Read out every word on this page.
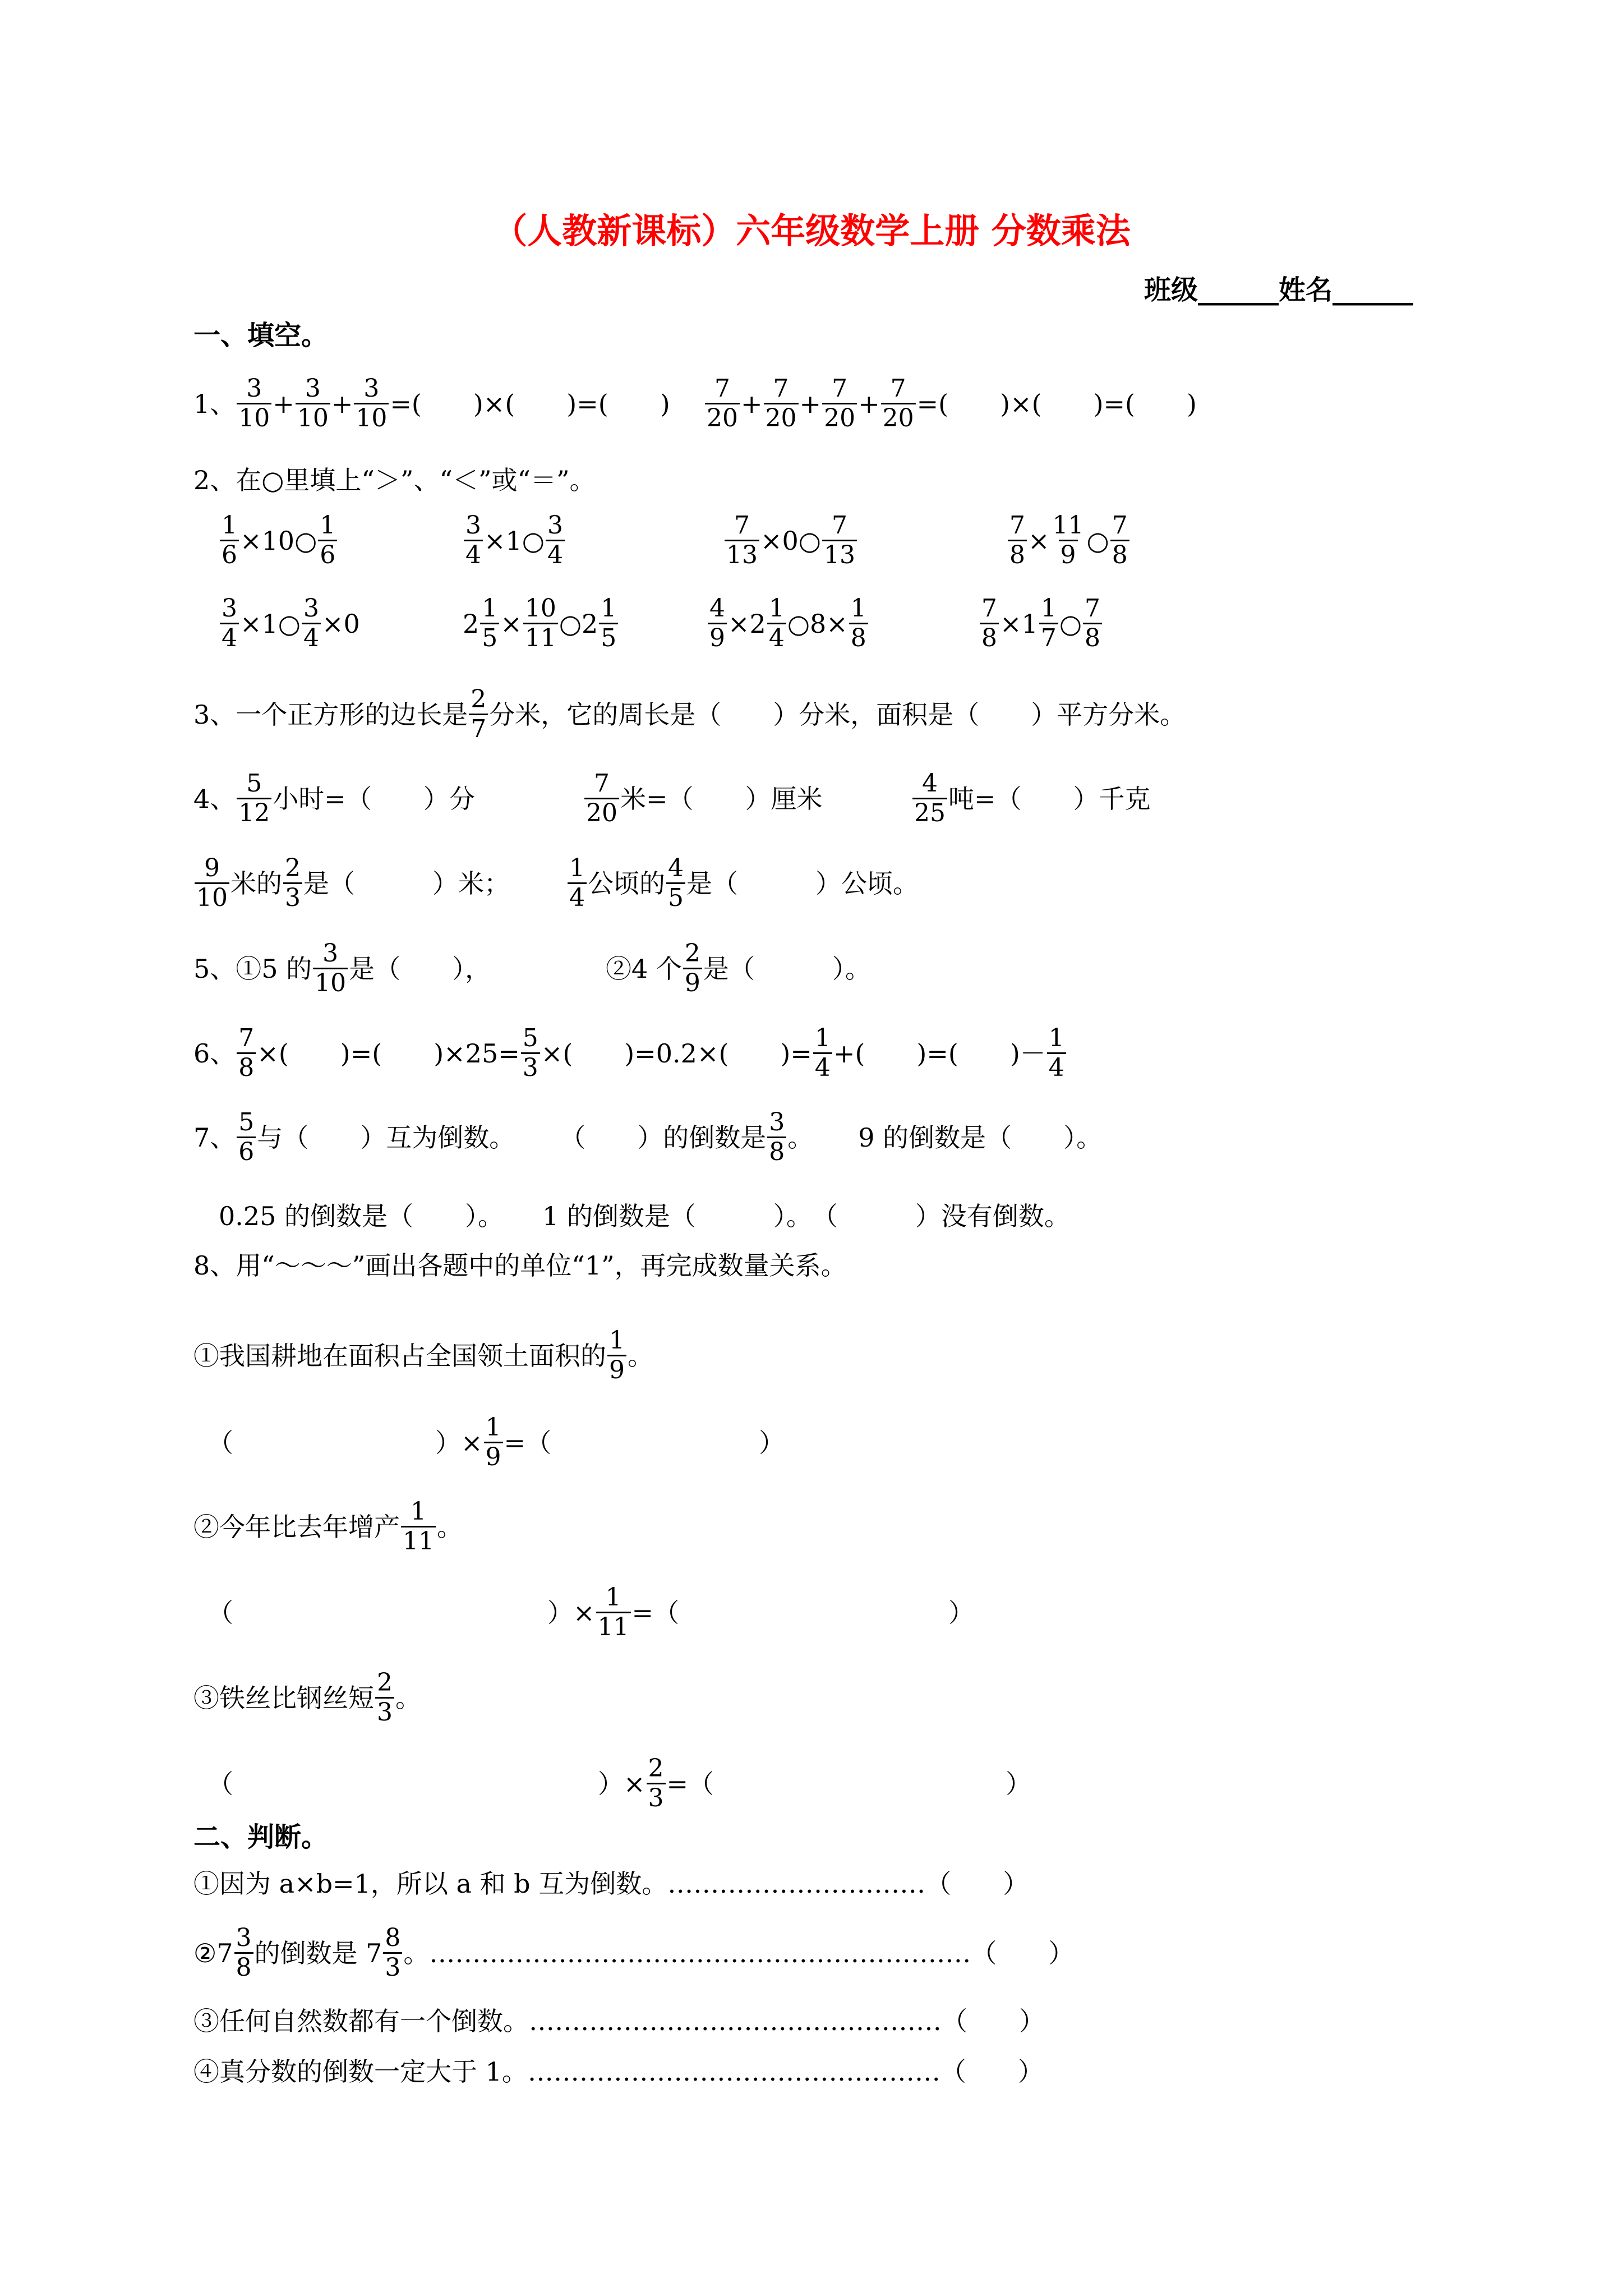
（人教新课标）六年级数学上册 分数乘法
班级______姓名______
一、填空。
1、 $\frac{3}{10} + \frac{3}{10} + \frac{3}{10}$ =(　　)×(　　)=(　　) $\frac{7}{20} + \frac{7}{20} + \frac{7}{20} + \frac{7}{20}$ =(　　)×(　　)=(　　)
2、在○里填上“＞”、“＜”或“＝”。
$\frac{1}{6}$ ×10○ $\frac{1}{6}$	$\frac{3}{4}$ ×1○ $\frac{3}{4}$	$\frac{7}{13}$ ×0○ $\frac{7}{13}$	$\frac{7}{8} \times \frac{11}{9}$ ○ $\frac{7}{8}$
$\frac{3}{4}$ ×1○ $\frac{3}{4} \times 0$	$2 \frac{1}{5} \times \frac{10}{11}$ ○2 $\frac{1}{5}$	$\frac{4}{9} \times 2 \frac{1}{4}$ ○8× $\frac{1}{8}$	$\frac{7}{8} \times 1 \frac{1}{7}$ ○ $\frac{7}{8}$
3、一个正方形的边长是 $\frac{2}{7}$ 分米，它的周长是（　　）分米，面积是（　　）平方分米。
4、 $\frac{5}{12}$ 小时=（　　）分	$\frac{7}{20}$ 米=（　　）厘米	$\frac{4}{25}$ 吨=（　　）千克
$\frac{9}{10}$ 米的 $\frac{2}{3}$ 是（　　　）米； $\frac{1}{4}$ 公顷的 $\frac{4}{5}$ 是（　　　）公顷。
5、①5 的 $\frac{3}{10}$ 是（　　），	②4 个 $\frac{2}{9}$ 是（　　　）。
6、 $\frac{7}{8}$ ×(　　)=(　　)$\times 25= \frac{5}{3}$ ×(　　)=0.2×(　　)= $\frac{1}{4}$ +(　　)=(　　)－ $\frac{1}{4}$
7、 $\frac{5}{6}$ 与（　　）互为倒数。 （　　）的倒数是 $\frac{3}{8}$ 。 9 的倒数是（　　）。
0.25 的倒数是（　　）。　　1 的倒数是（　　　）。　（　　　）没有倒数。
8、用“～～～”画出各题中的单位“1”，再完成数量关系。
①我国耕地在面积占全国领土面积的 $\frac{1}{9}$ 。
（	）× $\frac{1}{9}$ =（	）
②今年比去年增产 $\frac{1}{11}$ 。
（	）× $\frac{1}{11}$ =（	）
③铁丝比钢丝短 $\frac{2}{3}$ 。
（	）× $\frac{2}{3}$ =（	）
二、判断。
①因为 a×b=1，所以 a 和 b 互为倒数。…………………………（　　）
②7 $\frac{3}{8}$ 的倒数是 $7 \frac{8}{3}$ 。………………………………………………………（　　）
③任何自然数都有一个倒数。…………………………………………（　　）
④真分数的倒数一定大于 1。…………………………………………（　　）
